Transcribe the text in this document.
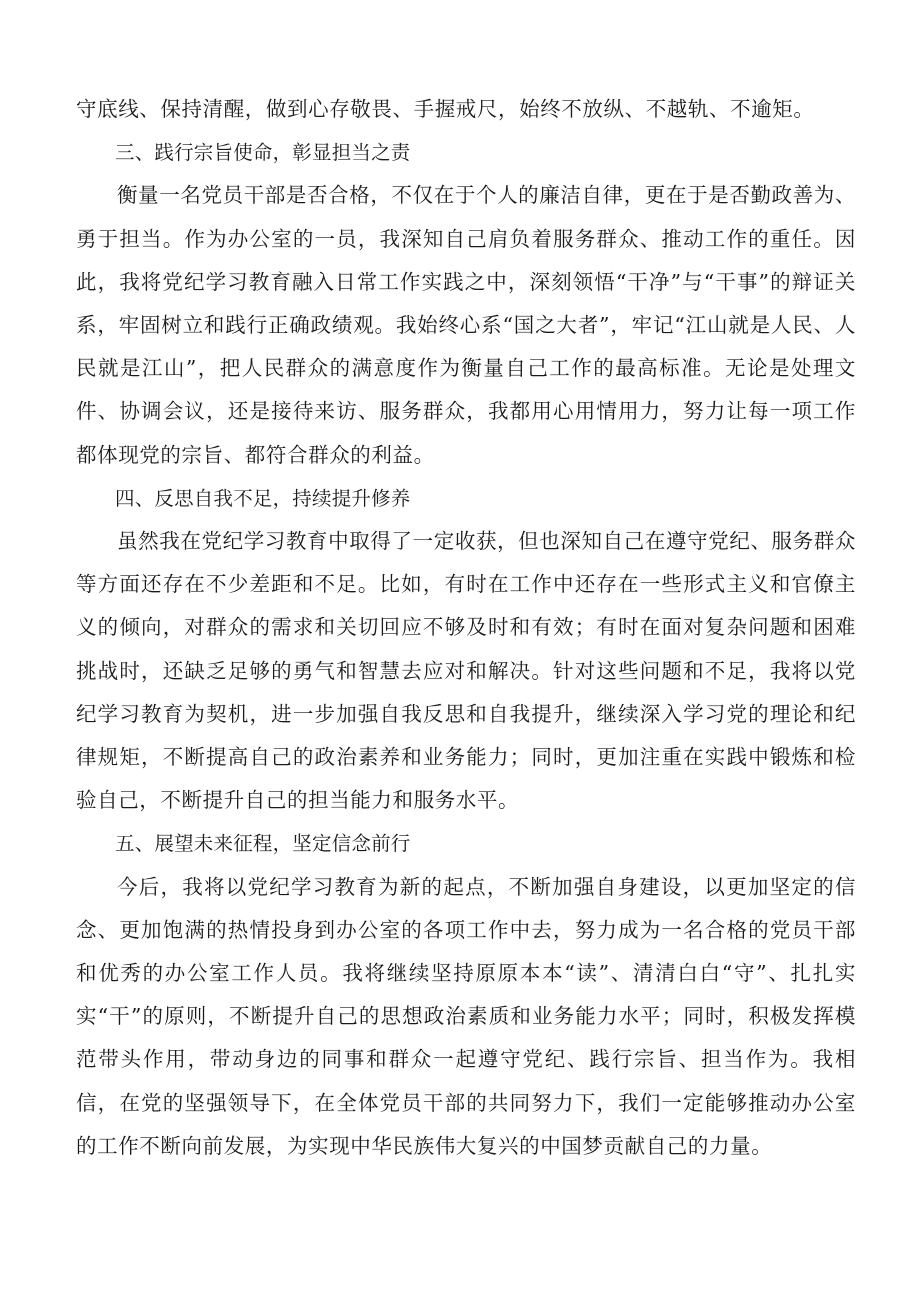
守底线、保持清醒，做到心存敬畏、手握戒尺，始终不放纵、不越轨、不逾矩。

三、践行宗旨使命，彰显担当之责

衡量一名党员干部是否合格，不仅在于个人的廉洁自律，更在于是否勤政善为、勇于担当。作为办公室的一员，我深知自己肩负着服务群众、推动工作的重任。因此，我将党纪学习教育融入日常工作实践之中，深刻领悟“干净”与“干事”的辩证关系，牢固树立和践行正确政绩观。我始终心系“国之大者”，牢记“江山就是人民、人民就是江山”，把人民群众的满意度作为衡量自己工作的最高标准。无论是处理文件、协调会议，还是接待来访、服务群众，我都用心用情用力，努力让每一项工作都体现党的宗旨、都符合群众的利益。

四、反思自我不足，持续提升修养

虽然我在党纪学习教育中取得了一定收获，但也深知自己在遵守党纪、服务群众等方面还存在不少差距和不足。比如，有时在工作中还存在一些形式主义和官僚主义的倾向，对群众的需求和关切回应不够及时和有效；有时在面对复杂问题和困难挑战时，还缺乏足够的勇气和智慧去应对和解决。针对这些问题和不足，我将以党纪学习教育为契机，进一步加强自我反思和自我提升，继续深入学习党的理论和纪律规矩，不断提高自己的政治素养和业务能力；同时，更加注重在实践中锻炼和检验自己，不断提升自己的担当能力和服务水平。

五、展望未来征程，坚定信念前行

今后，我将以党纪学习教育为新的起点，不断加强自身建设，以更加坚定的信念、更加饱满的热情投身到办公室的各项工作中去，努力成为一名合格的党员干部和优秀的办公室工作人员。我将继续坚持原原本本“读”、清清白白“守”、扎扎实实“干”的原则，不断提升自己的思想政治素质和业务能力水平；同时，积极发挥模范带头作用，带动身边的同事和群众一起遵守党纪、践行宗旨、担当作为。我相信，在党的坚强领导下，在全体党员干部的共同努力下，我们一定能够推动办公室的工作不断向前发展，为实现中华民族伟大复兴的中国梦贡献自己的力量。
